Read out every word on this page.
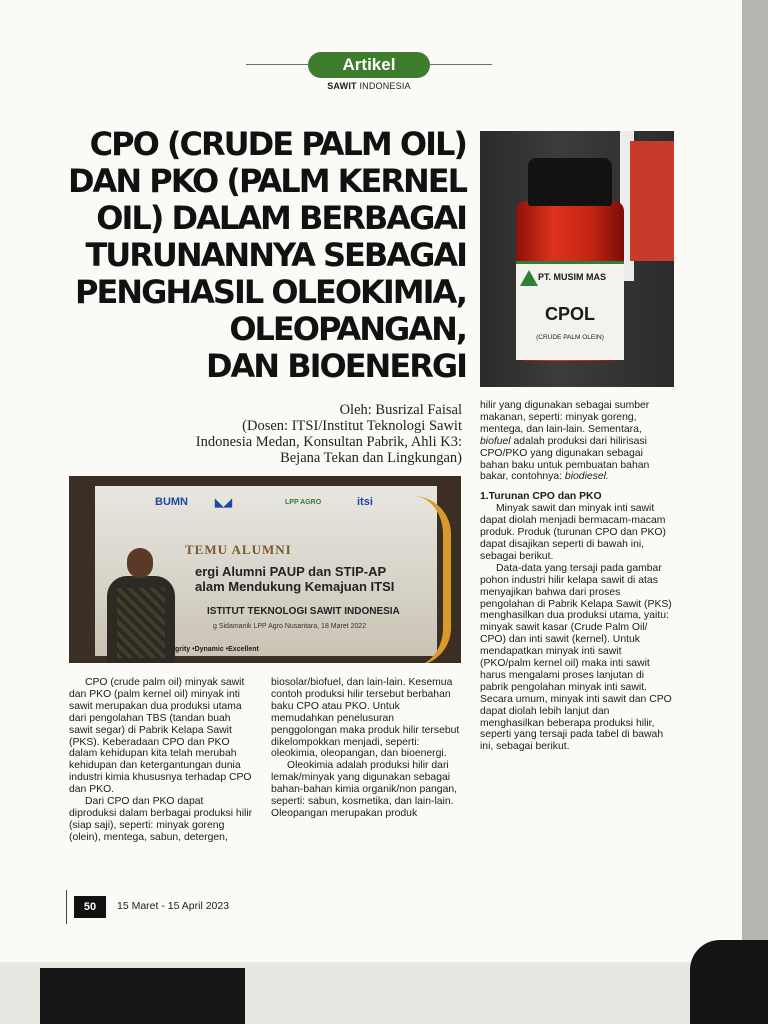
Artikel
SAWIT INDONESIA
CPO (CRUDE PALM OIL)
DAN PKO (PALM KERNEL
OIL) DALAM BERBAGAI
TURUNANNYA SEBAGAI
PENGHASIL OLEOKIMIA,
OLEOPANGAN,
DAN BIOENERGI
Oleh: Busrizal Faisal
(Dosen: ITSI/Institut Teknologi Sawit
Indonesia Medan, Konsultan Pabrik, Ahli K3:
Bejana Tekan dan Lingkungan)
PT. MUSIM MAS
CPOL
(CRUDE PALM OLEIN)
BUMN ◣◢	LPP AGRO	itsi
TEMU ALUMNI
ergi Alumni PAUP dan STIP-AP
alam Mendukung Kemajuan ITSI
ISTITUT TEKNOLOGI SAWIT INDONESIA
g Sidamanik LPP Agro Nusantara, 18 Maret 2022
grity •Dynamic •Excellent

CPO (crude palm oil) minyak sawit dan PKO (palm kernel oil) minyak inti sawit merupakan dua produksi utama dari pengolahan TBS (tandan buah sawit segar) di Pabrik Kelapa Sawit (PKS). Keberadaan CPO dan PKO dalam kehidupan kita telah merubah kehidupan dan ketergantungan dunia industri kimia khususnya terhadap CPO dan PKO.

Dari CPO dan PKO dapat diproduksi dalam berbagai produksi hilir (siap saji), seperti: minyak goreng (olein), mentega, sabun, detergen,

biosolar/biofuel, dan lain-lain. Kesemua contoh produksi hilir tersebut berbahan baku CPO atau PKO. Untuk memudahkan penelusuran penggolongan maka produk hilir tersebut dikelompokkan menjadi, seperti: oleokimia, oleopangan, dan bioenergi.

Oleokimia adalah produksi hilir dari lemak/minyak yang digunakan sebagai bahan-bahan kimia organik/non pangan, seperti: sabun, kosmetika, dan lain-lain. Oleopangan merupakan produk

hilir yang digunakan sebagai sumber makanan, seperti: minyak goreng, mentega, dan lain-lain. Sementara, biofuel adalah produksi dari hilirisasi CPO/PKO yang digunakan sebagai bahan baku untuk pembuatan bahan bakar, contohnya: biodiesel.

1.Turunan CPO dan PKO

Minyak sawit dan minyak inti sawit dapat diolah menjadi bermacam-macam produk. Produk (turunan CPO dan PKO) dapat disajikan seperti di bawah ini, sebagai berikut.

Data-data yang tersaji pada gambar pohon industri hilir kelapa sawit di atas menyajikan bahwa dari proses pengolahan di Pabrik Kelapa Sawit (PKS) menghasilkan dua produksi utama, yaitu: minyak sawit kasar (Crude Palm Oil/ CPO) dan inti sawit (kernel). Untuk mendapatkan minyak inti sawit (PKO/palm kernel oil) maka inti sawit harus mengalami proses lanjutan di pabrik pengolahan minyak inti sawit. Secara umum, minyak inti sawit dan CPO dapat diolah lebih lanjut dan menghasilkan beberapa produksi hilir, seperti yang tersaji pada tabel di bawah ini, sebagai berikut.

50	15 Maret - 15 April 2023
